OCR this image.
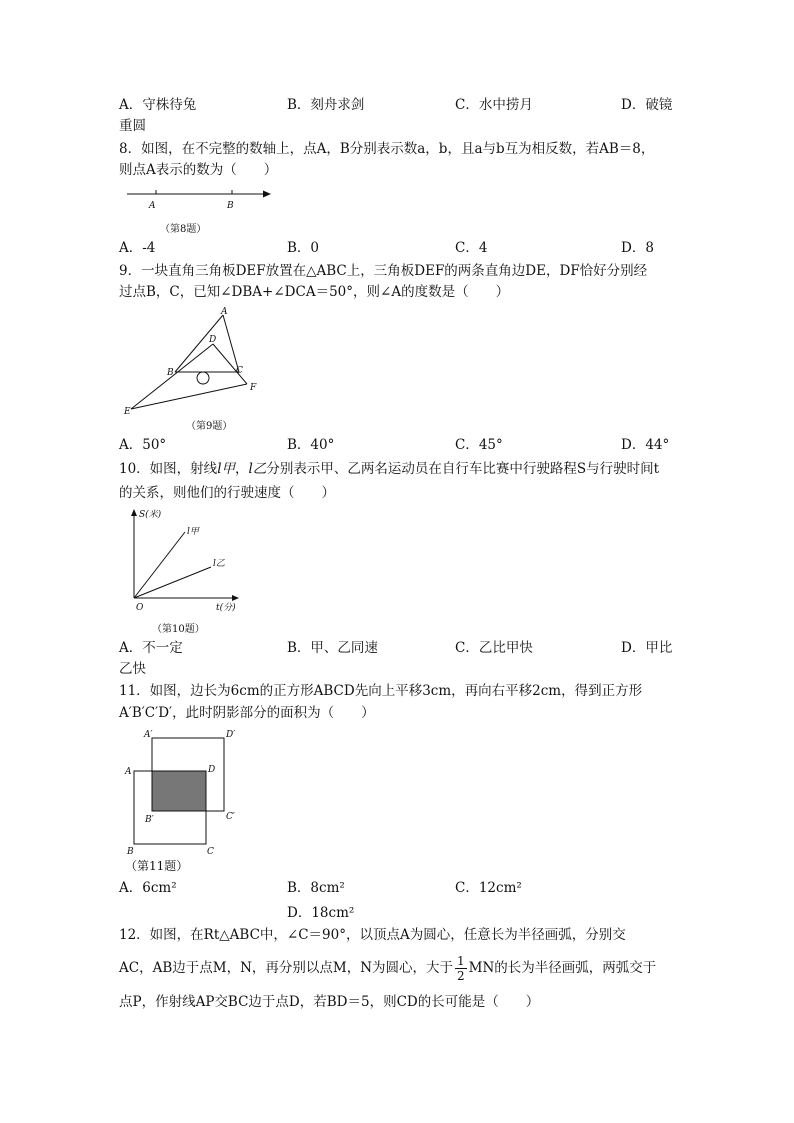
A．守株待兔	B．刻舟求剑	C．水中捞月	D．破镜
重圆
8．如图，在不完整的数轴上，点A，B分别表示数a，b，且a与b互为相反数，若AB＝8，
则点A表示的数为（　　）
A	B
（第8题）
A．-4	B．0	C．4	D．8
9．一块直角三角板DEF放置在△ABC上，三角板DEF的两条直角边DE，DF恰好分别经
过点B，C，已知∠DBA+∠DCA＝50°，则∠A的度数是（　　）
A
D
B	C
E
F
（第9题）
A．50°	B．40°	C．45°	D．44°
10．如图，射线l甲，l乙分别表示甲、乙两名运动员在自行车比赛中行驶路程S与行驶时间t
的关系，则他们的行驶速度（　　）
S(米)
t(分)
O
l甲
l乙
（第10题）
A．不一定	B．甲、乙同速	C．乙比甲快	D．甲比
乙快
11．如图，边长为6cm的正方形ABCD先向上平移3cm，再向右平移2cm，得到正方形
A′B′C′D′，此时阴影部分的面积为（　　）
A′	D′
A	D
B′	C′
B	C
（第11题）
A．6cm²	B．8cm²	C．12cm²
D．18cm²
12．如图，在Rt△ABC中，∠C＝90°，以顶点A为圆心，任意长为半径画弧，分别交
AC，AB边于点M，N，再分别以点M，N为圆心，大于 $\frac{1}{2}$ MN的长为半径画弧，两弧交于
点P，作射线AP交BC边于点D，若BD＝5，则CD的长可能是（　　）
